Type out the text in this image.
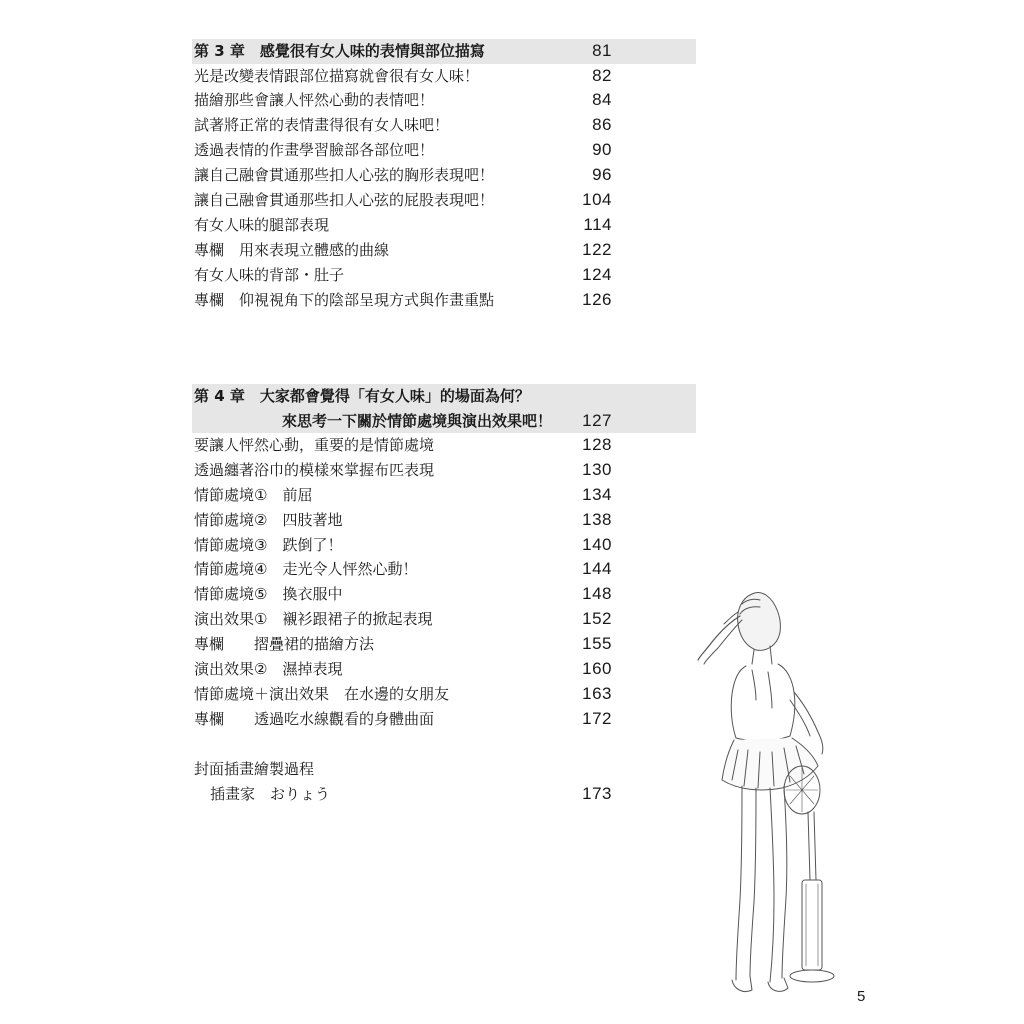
第 3 章　感覺很有女人味的表情與部位描寫	81
光是改變表情跟部位描寫就會很有女人味！	82
描繪那些會讓人怦然心動的表情吧！	84
試著將正常的表情畫得很有女人味吧！	86
透過表情的作畫學習臉部各部位吧！	90
讓自己融會貫通那些扣人心弦的胸形表現吧！	96
讓自己融會貫通那些扣人心弦的屁股表現吧！	104
有女人味的腿部表現	114
專欄　用來表現立體感的曲線	122
有女人味的背部・肚子	124
專欄　仰視視角下的陰部呈現方式與作畫重點	126
第 4 章　大家都會覺得「有女人味」的場面為何？
來思考一下關於情節處境與演出效果吧！ 127
要讓人怦然心動，重要的是情節處境	128
透過纏著浴巾的模樣來掌握布匹表現	130
情節處境①　前屈	134
情節處境②　四肢著地	138
情節處境③　跌倒了！	140
情節處境④　走光令人怦然心動！	144
情節處境⑤　換衣服中	148
演出效果①　襯衫跟裙子的掀起表現	152
專欄　　摺疊裙的描繪方法	155
演出效果②　濕掉表現	160
情節處境＋演出效果　在水邊的女朋友	163
專欄　　透過吃水線觀看的身體曲面	172
封面插畫繪製過程
插畫家　おりょう	173
5
